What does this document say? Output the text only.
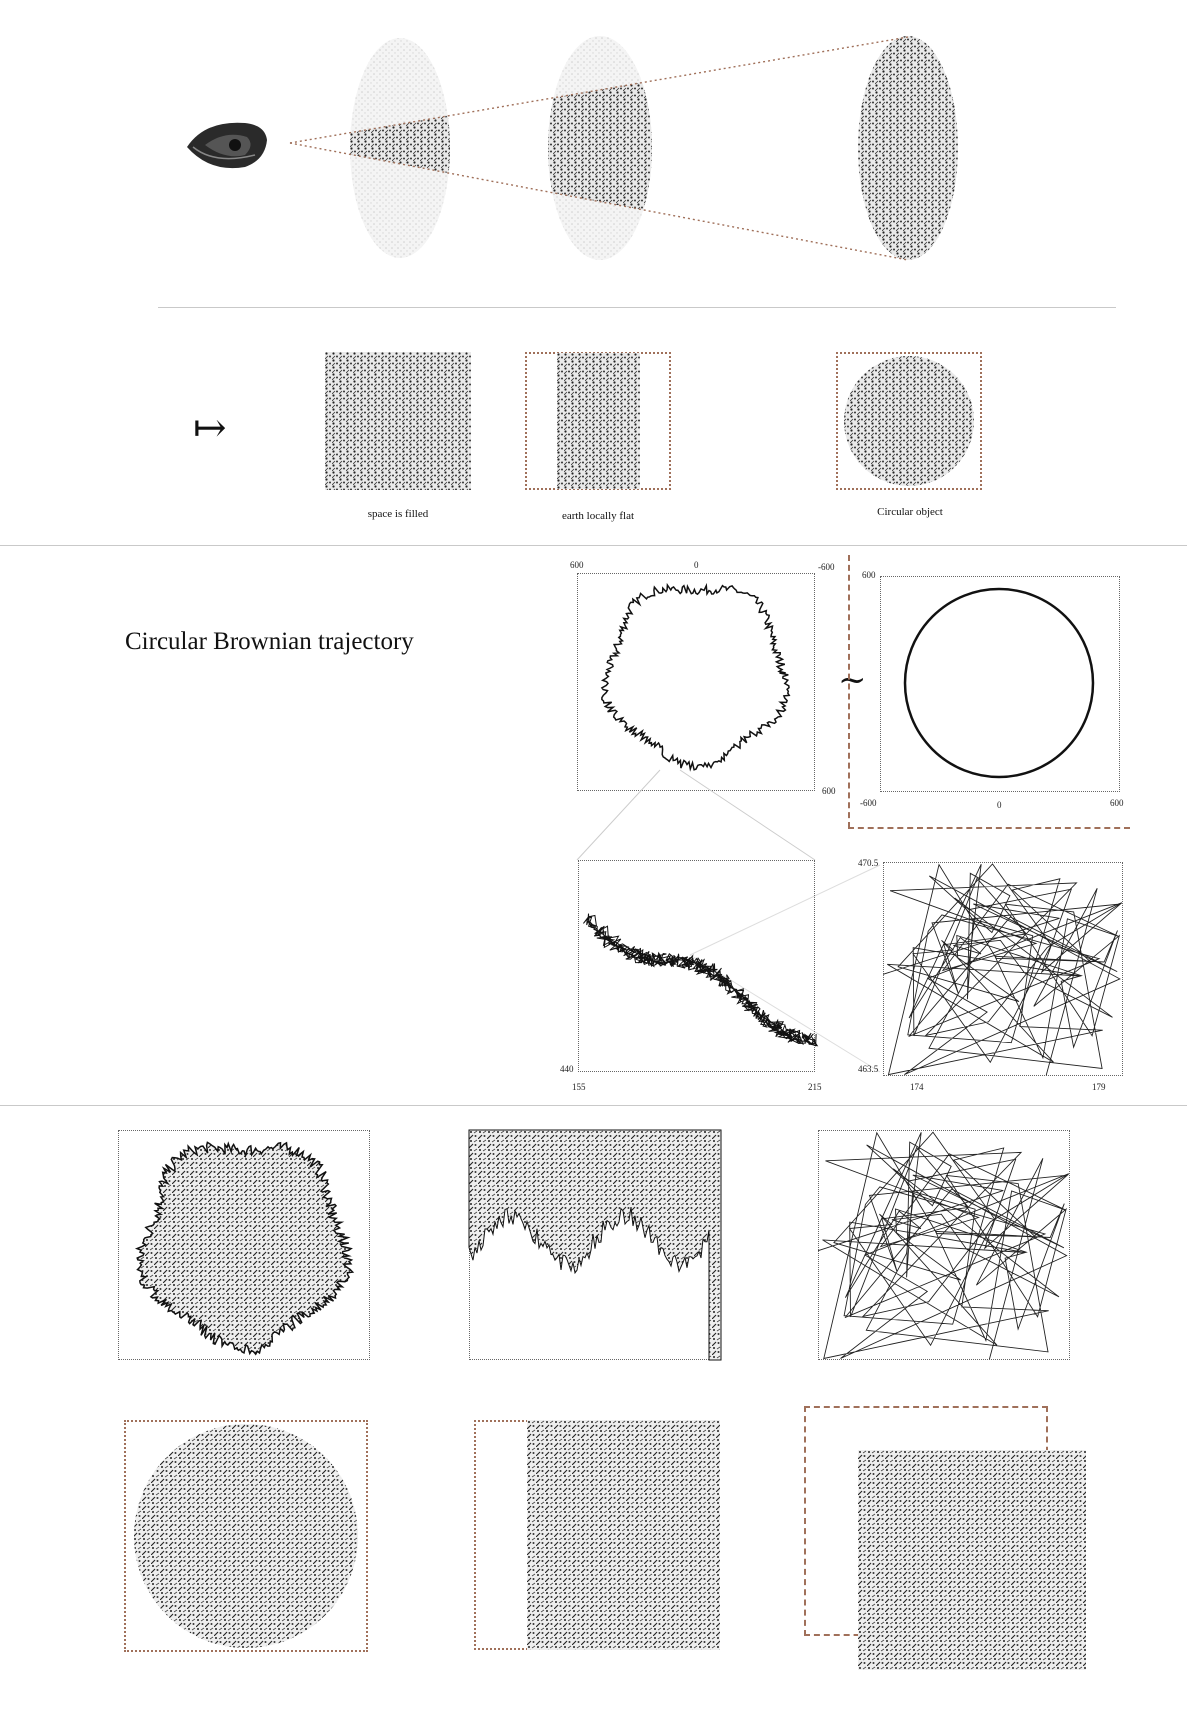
↦
space is filled	earth locally flat	Circular object
Circular Brownian trajectory
600	0	-600
600
~
600
-600	0	600
440
155	215
470.5
463.5
174	179
